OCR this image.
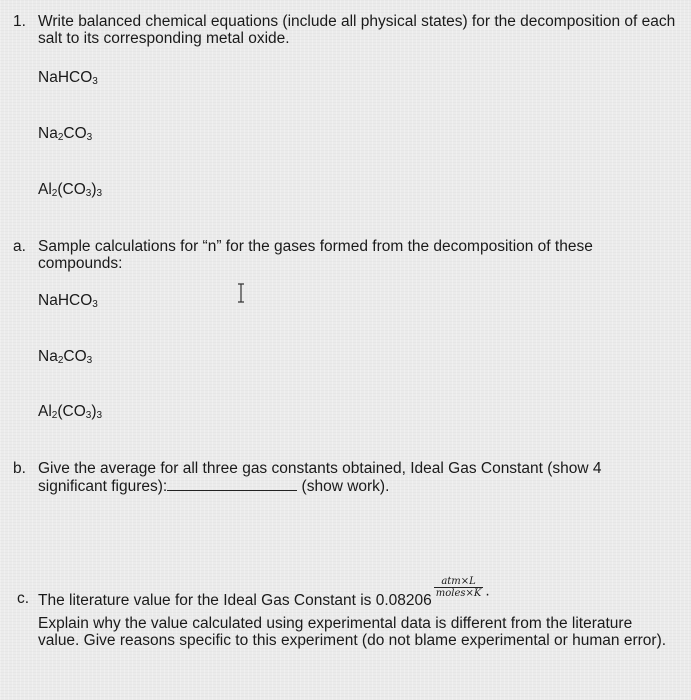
1. Write balanced chemical equations (include all physical states) for the decomposition of each salt to its corresponding metal oxide.

NaHCO$_3$
$Na_2CO_3$
$Al_2(CO_3)_3$
a. Sample calculations for “n” for the gases formed from the decomposition of these compounds:

NaHCO$_3$
$Na_2CO_3$
$Al_2(CO_3)_3$
b. Give the average for all three gas constants obtained, Ideal Gas Constant (show 4 significant figures):	(show work).

c. The literature value for the Ideal Gas Constant is 0.08206
$\frac{\text{atm×L}}{\text{moles×K}}$ .

Explain why the value calculated using experimental data is different from the literature value. Give reasons specific to this experiment (do not blame experimental or human error).
